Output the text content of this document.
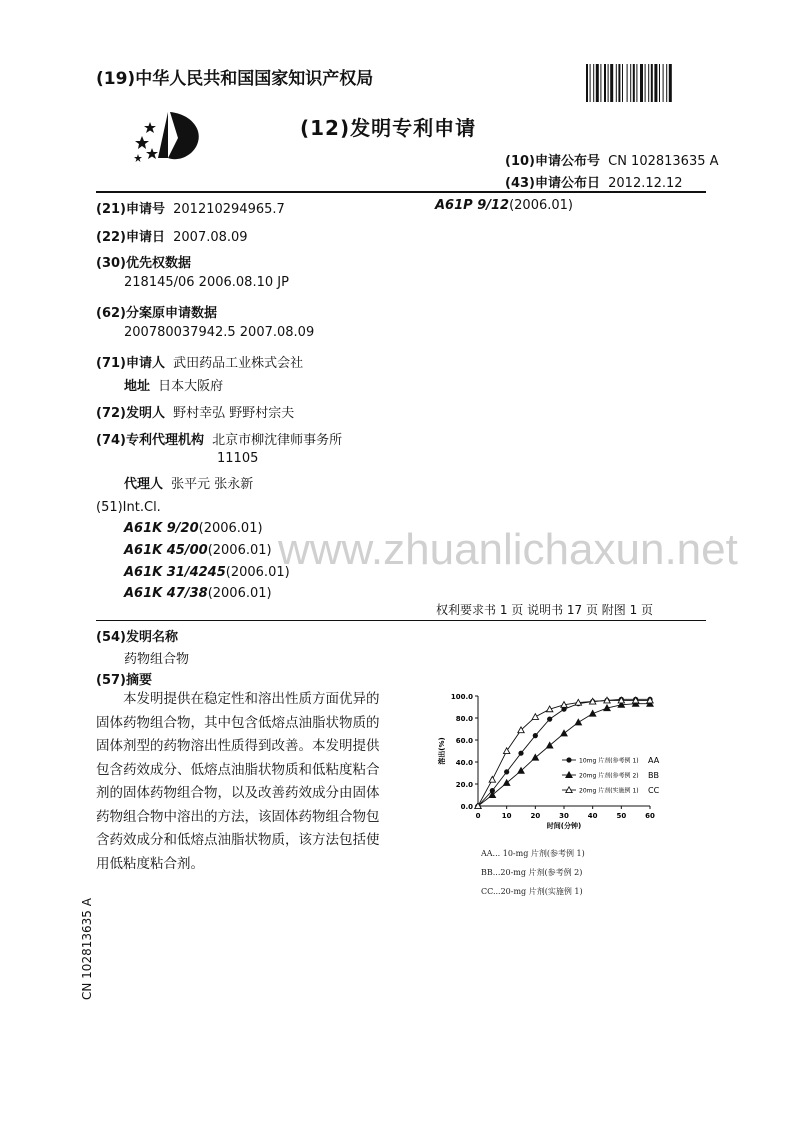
www.zhuanlichaxun.net
(19)中华人民共和国国家知识产权局
(12)发明专利申请
(10)申请公布号 CN 102813635 A
(43)申请公布日 2012.12.12
(21)申请号 201210294965.7	A61P 9/12(2006.01)
(22)申请日 2007.08.09
(30)优先权数据
218145/06 2006.08.10 JP
(62)分案原申请数据
200780037942.5 2007.08.09
(71)申请人 武田药品工业株式会社
地址 日本大阪府
(72)发明人 野村幸弘 野野村宗夫
(74)专利代理机构 北京市柳沈律师事务所
11105
代理人 张平元 张永新
(51)Int.Cl.
A61K 9/20(2006.01)
A61K 45/00(2006.01)
A61K 31/4245(2006.01)
A61K 47/38(2006.01)
权利要求书 1 页 说明书 17 页 附图 1 页
(54)发明名称
药物组合物
(57)摘要
本发明提供在稳定性和溶出性质方面优异的
固体药物组合物，其中包含低熔点油脂状物质的
固体剂型的药物溶出性质得到改善。本发明提供
包含药效成分、低熔点油脂状物质和低粘度粘合
剂的固体药物组合物，以及改善药效成分由固体
药物组合物中溶出的方法，该固体药物组合物包
含药效成分和低熔点油脂状物质，该方法包括使
用低粘度粘合剂。
0.0
20.0
40.0
60.0
80.0
100.0
0	10	20	30	40	50	60
时间(分钟)
溶出(%)	10mg 片剂(参考例 1) AA
20mg 片剂(参考例 2) BB
20mg 片剂(实施例 1) CC
AA... 10-mg 片剂(参考例 1)
BB...20-mg 片剂(参考例 2)
CC...20-mg 片剂(实施例 1)
CN 102813635 A
